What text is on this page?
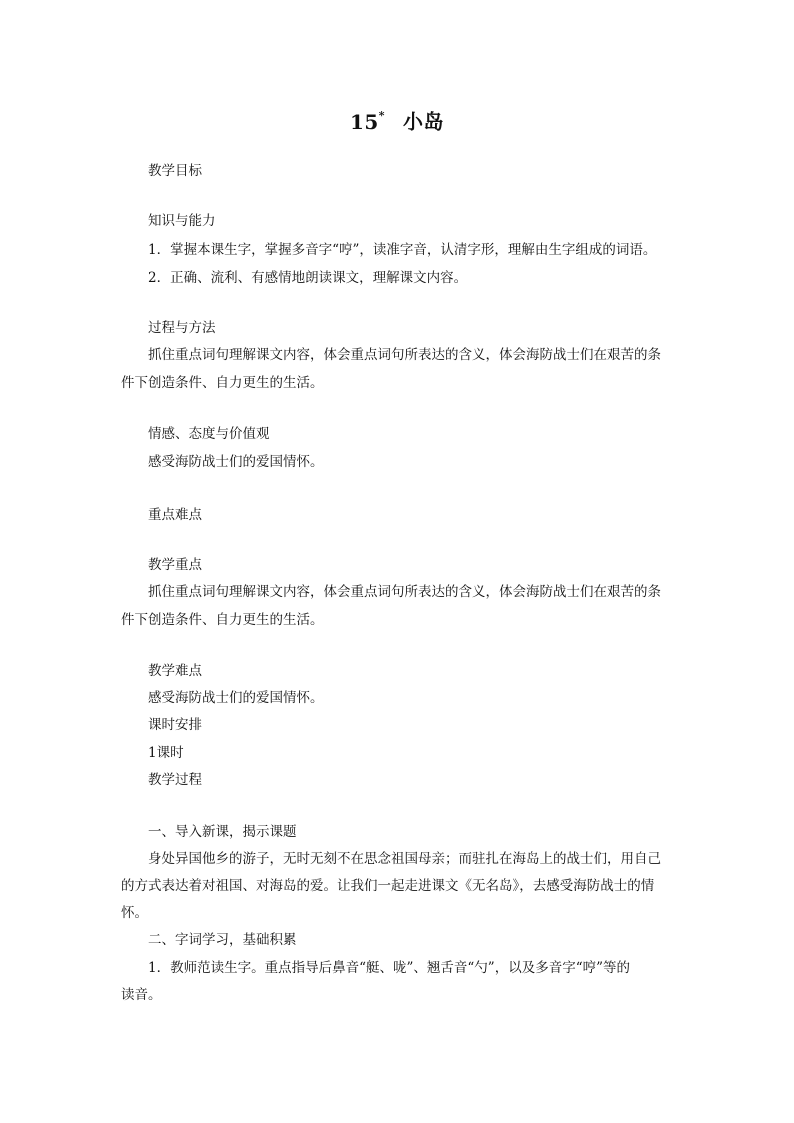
15* 小岛
教学目标
知识与能力
1．掌握本课生字，掌握多音字“哼”，读准字音，认清字形，理解由生字组成的词语。
2．正确、流利、有感情地朗读课文，理解课文内容。
过程与方法
抓住重点词句理解课文内容，体会重点词句所表达的含义，体会海防战士们在艰苦的条
件下创造条件、自力更生的生活。
情感、态度与价值观
感受海防战士们的爱国情怀。
重点难点
教学重点
抓住重点词句理解课文内容，体会重点词句所表达的含义，体会海防战士们在艰苦的条
件下创造条件、自力更生的生活。
教学难点
感受海防战士们的爱国情怀。
课时安排
1课时
教学过程
一、导入新课，揭示课题
身处异国他乡的游子，无时无刻不在思念祖国母亲；而驻扎在海岛上的战士们，用自己
的方式表达着对祖国、对海岛的爱。让我们一起走进课文《无名岛》，去感受海防战士的情
怀。
二、字词学习，基础积累
1．教师范读生字。重点指导后鼻音“艇、咙”、翘舌音“勺”，以及多音字“哼”等的
读音。
